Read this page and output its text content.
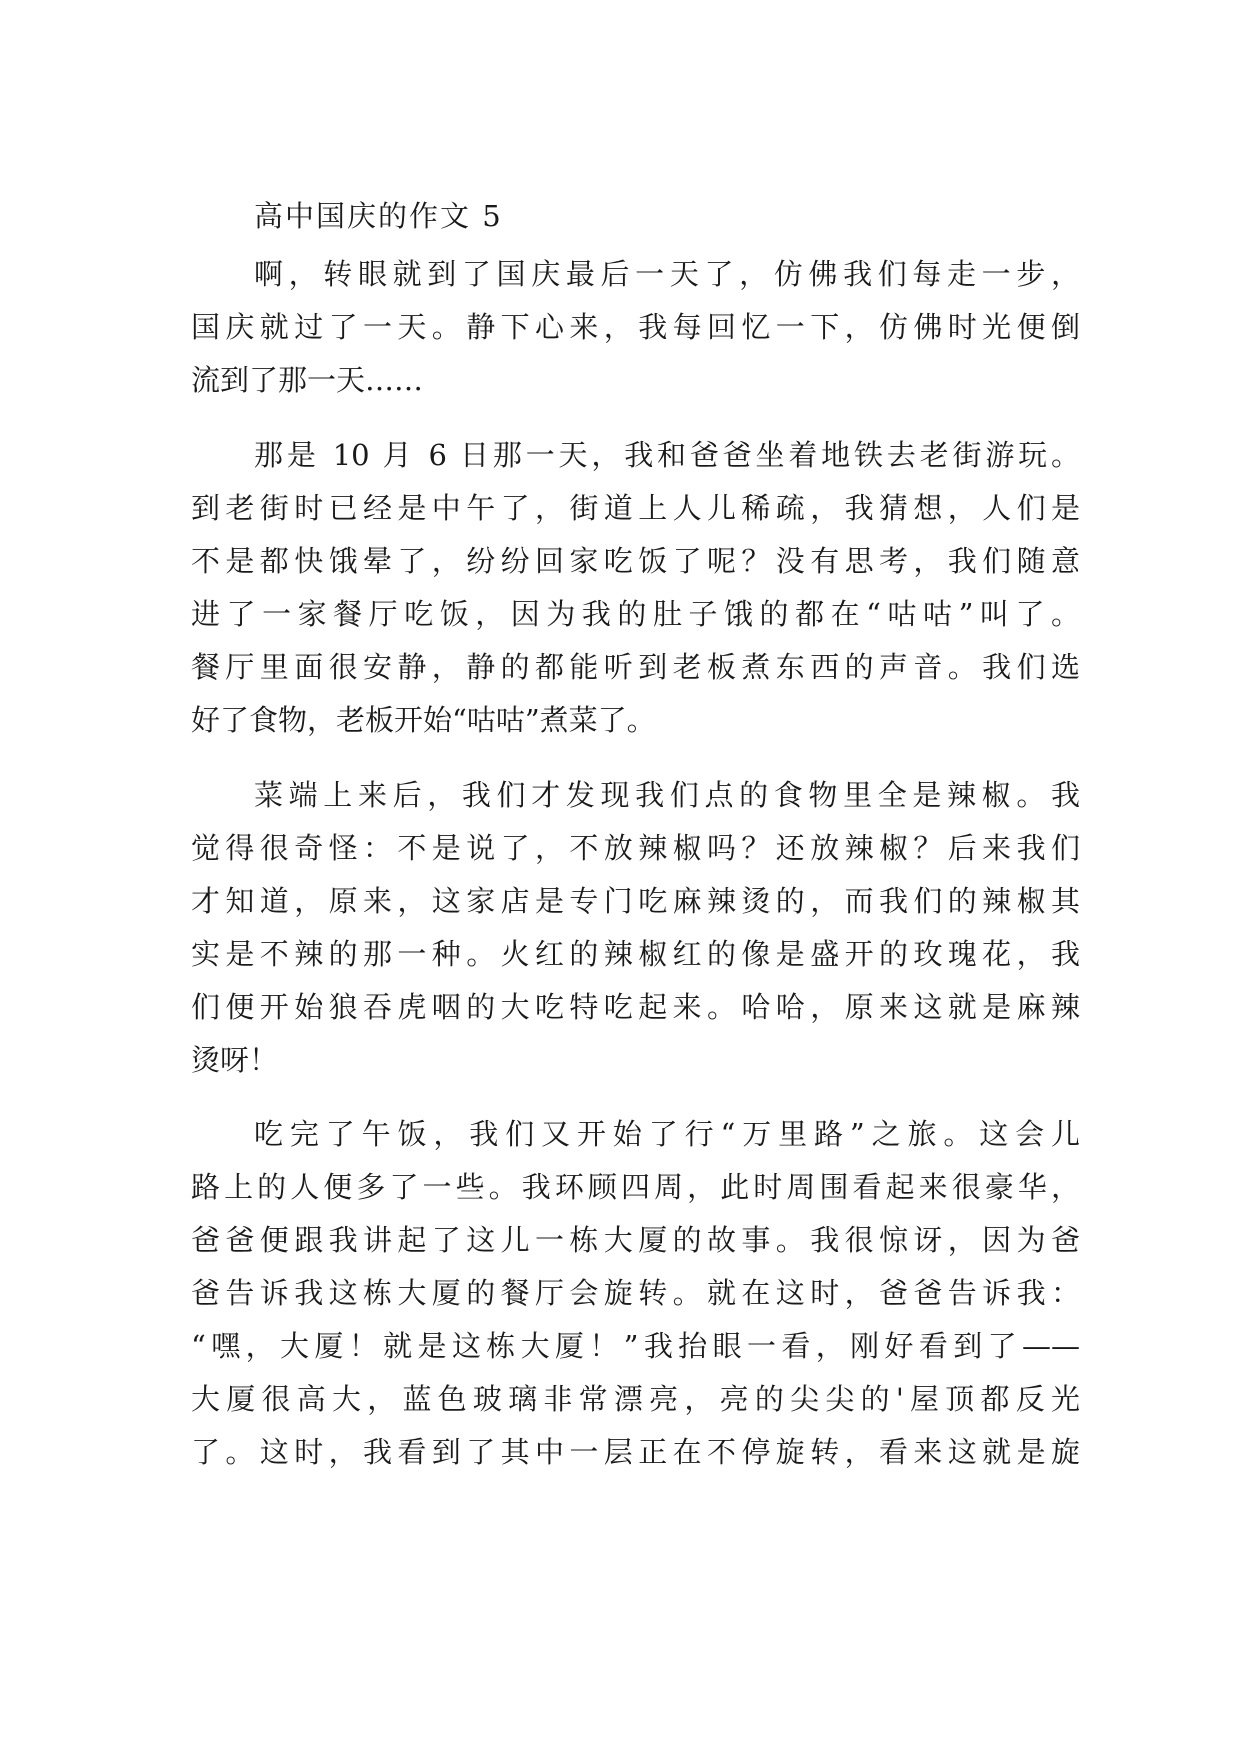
高中国庆的作文 5
啊，转眼就到了国庆最后一天了，仿佛我们每走一步，
国庆就过了一天。静下心来，我每回忆一下，仿佛时光便倒
流到了那一天……
那是 10 月 6 日那一天，我和爸爸坐着地铁去老街游玩。
到老街时已经是中午了，街道上人儿稀疏，我猜想，人们是
不是都快饿晕了，纷纷回家吃饭了呢？没有思考，我们随意
进了一家餐厅吃饭，因为我的肚子饿的都在“咕咕”叫了。
餐厅里面很安静，静的都能听到老板煮东西的声音。我们选
好了食物，老板开始“咕咕”煮菜了。
菜端上来后，我们才发现我们点的食物里全是辣椒。我
觉得很奇怪：不是说了，不放辣椒吗？还放辣椒？后来我们
才知道，原来，这家店是专门吃麻辣烫的，而我们的辣椒其
实是不辣的那一种。火红的辣椒红的像是盛开的玫瑰花，我
们便开始狼吞虎咽的大吃特吃起来。哈哈，原来这就是麻辣
烫呀！
吃完了午饭，我们又开始了行“万里路”之旅。这会儿
路上的人便多了一些。我环顾四周，此时周围看起来很豪华，
爸爸便跟我讲起了这儿一栋大厦的故事。我很惊讶，因为爸
爸告诉我这栋大厦的餐厅会旋转。就在这时，爸爸告诉我：
“嘿，大厦！就是这栋大厦！”我抬眼一看，刚好看到了——
大厦很高大，蓝色玻璃非常漂亮，亮的尖尖的'屋顶都反光
了。这时，我看到了其中一层正在不停旋转，看来这就是旋
